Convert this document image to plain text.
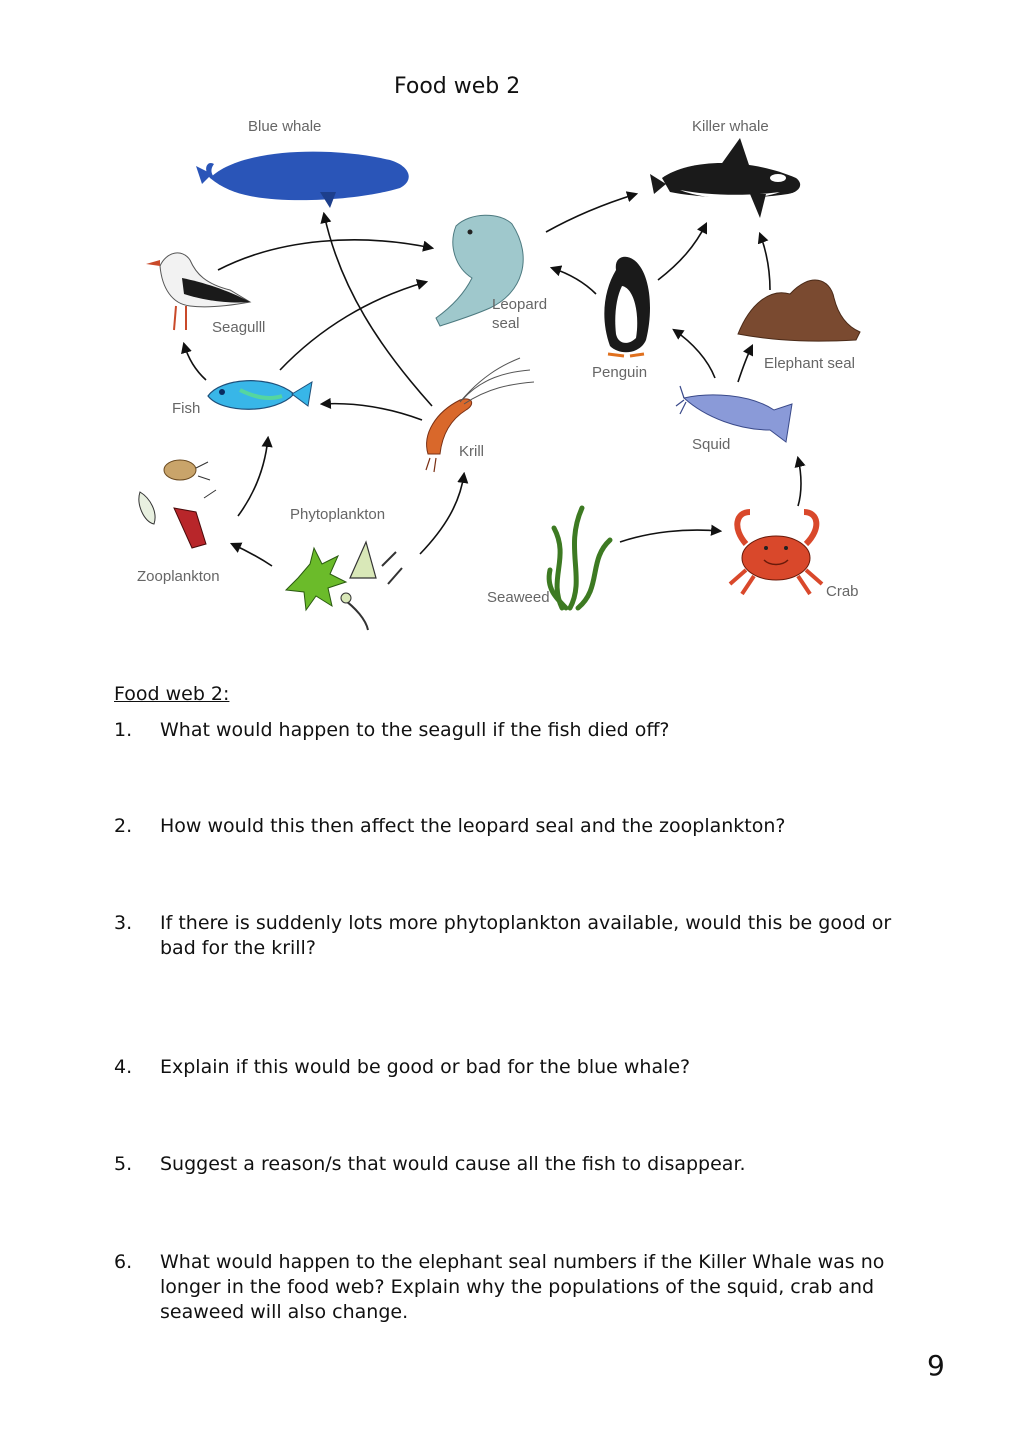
Food web 2
Blue whale	Killer whale
Leopard
seal
Seagulll
Penguin
Elephant seal
Fish
Krill	Squid
Phytoplankton
Zooplankton
Seaweed	Crab
Food web 2:
1. What would happen to the seagull if the fish died off?
2. How would this then affect the leopard seal and the zooplankton?
3. If there is suddenly lots more phytoplankton available, would this be good or bad for the krill?
4. Explain if this would be good or bad for the blue whale?
5. Suggest a reason/s that would cause all the fish to disappear.
6. What would happen to the elephant seal numbers if the Killer Whale was no longer in the food web? Explain why the populations of the squid, crab and seaweed will also change.
9
